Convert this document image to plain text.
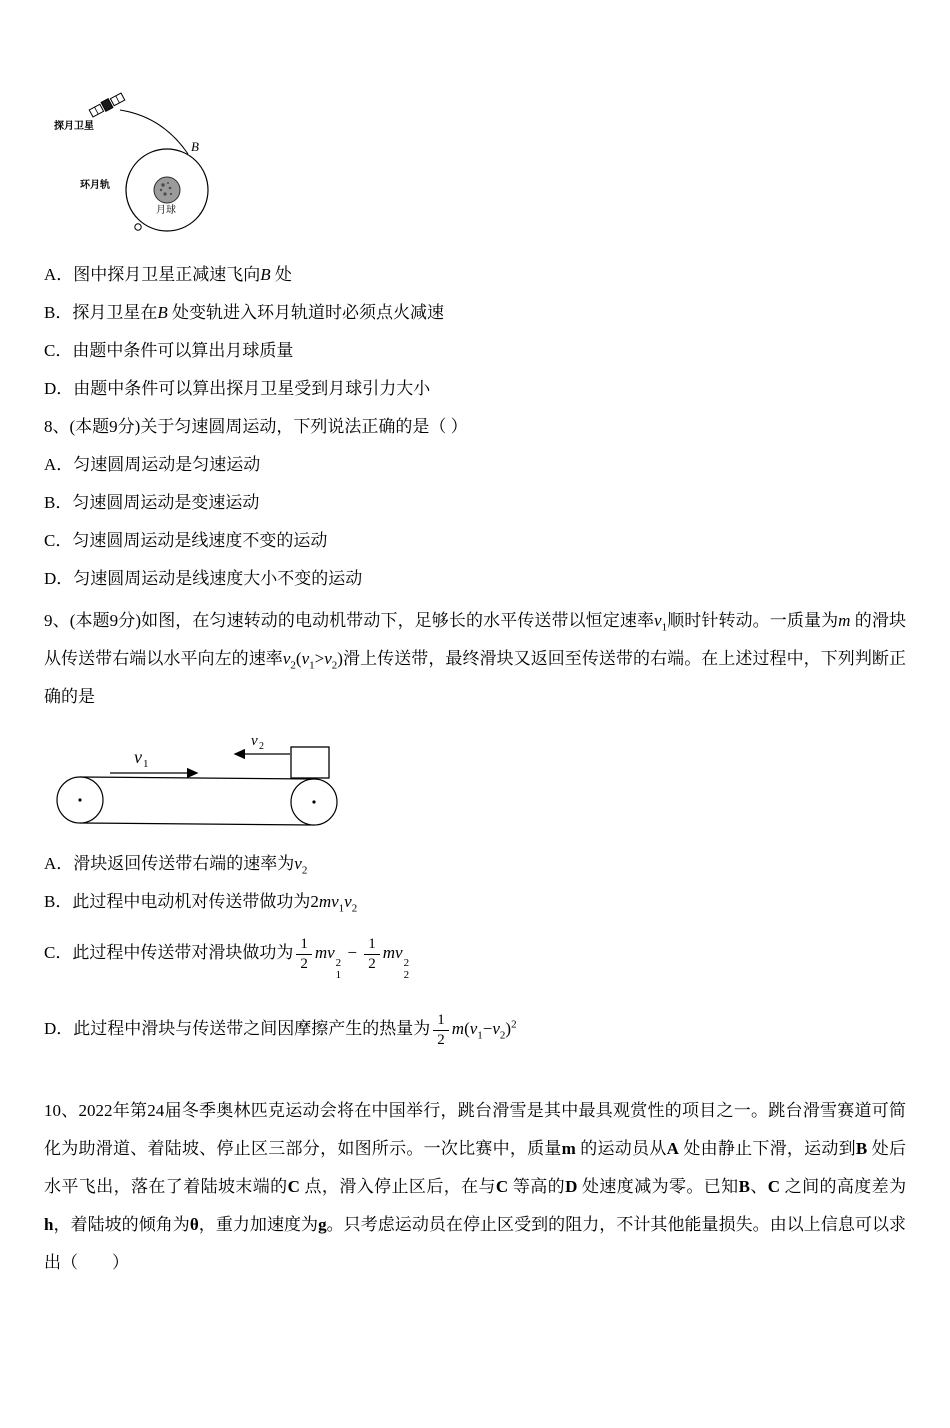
探月卫星
B
月球
环月轨
A．图中探月卫星正减速飞向B 处
B．探月卫星在B 处变轨进入环月轨道时必须点火减速
C．由题中条件可以算出月球质量
D．由题中条件可以算出探月卫星受到月球引力大小
8、(本题9分)关于匀速圆周运动，下列说法正确的是（ ）
A．匀速圆周运动是匀速运动
B．匀速圆周运动是变速运动
C．匀速圆周运动是线速度不变的运动
D．匀速圆周运动是线速度大小不变的运动
9、(本题9分)如图，在匀速转动的电动机带动下，足够长的水平传送带以恒定速率$v_1$顺时针转动。一质量为m 的滑块从传送带右端以水平向左的速率$v_2(v_1>v_2)$滑上传送带，最终滑块又返回至传送带的右端。在上述过程中，下列判断正确的是
v 1
v 2
A．滑块返回传送带右端的速率为$v_2$
B．此过程中电动机对传送带做功为$2mv_1v_2$
C．此过程中传送带对滑块做功为 $\frac{1}{2}$ mv
2
1
− $\frac{1}{2}$ mv
2
2
D．此过程中滑块与传送带之间因摩擦产生的热量为 $\frac{1}{2} m(v_1-v_2)^2$
10、2022年第24届冬季奥林匹克运动会将在中国举行，跳台滑雪是其中最具观赏性的项目之一。跳台滑雪赛道可简化为助滑道、着陆坡、停止区三部分，如图所示。一次比赛中，质量m 的运动员从A 处由静止下滑，运动到B 处后水平飞出，落在了着陆坡末端的C 点，滑入停止区后，在与C 等高的D 处速度减为零。已知B、C 之间的高度差为h，着陆坡的倾角为θ，重力加速度为g。只考虑运动员在停止区受到的阻力，不计其他能量损失。由以上信息可以求出（　　）
